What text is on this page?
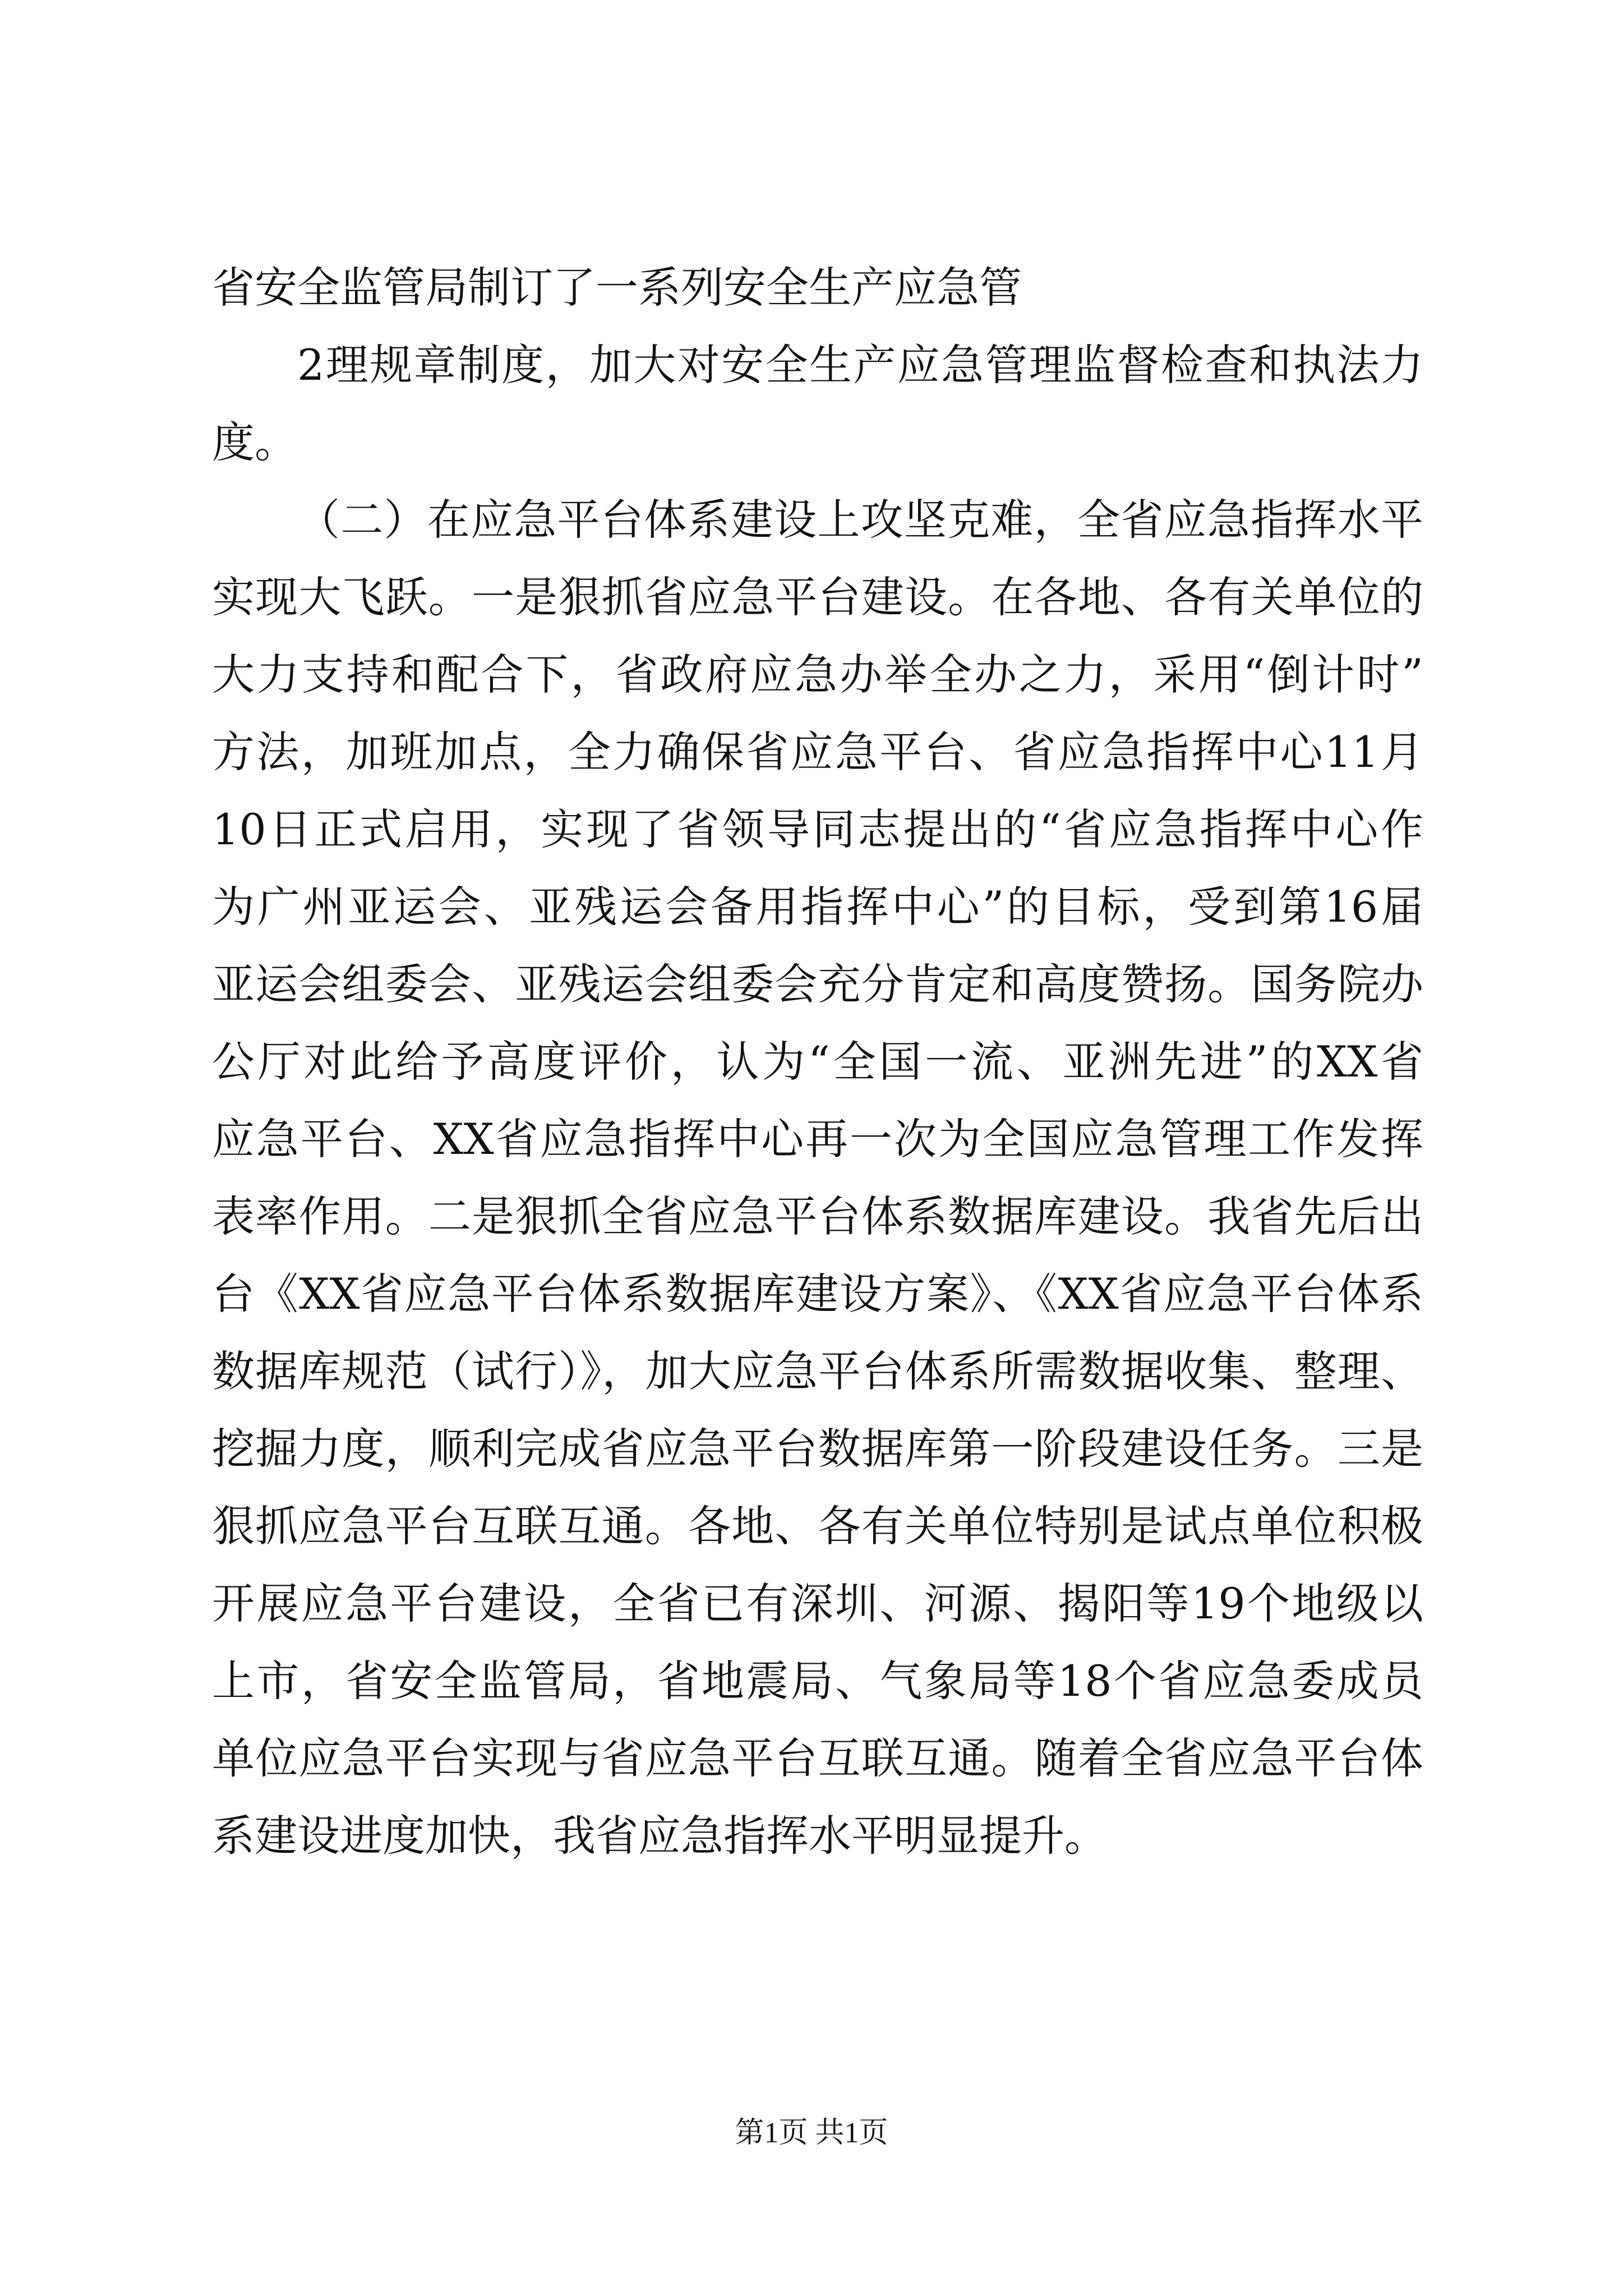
省安全监管局制订了一系列安全生产应急管
2理规章制度，加大对安全生产应急管理监督检查和执法力
度。
（二）在应急平台体系建设上攻坚克难，全省应急指挥水平
实现大飞跃。一是狠抓省应急平台建设。在各地、各有关单位的
大力支持和配合下，省政府应急办举全办之力，采用“倒计时”
方法，加班加点，全力确保省应急平台、省应急指挥中心11月
10日正式启用，实现了省领导同志提出的“省应急指挥中心作
为广州亚运会、亚残运会备用指挥中心”的目标，受到第16届
亚运会组委会、亚残运会组委会充分肯定和高度赞扬。国务院办
公厅对此给予高度评价，认为“全国一流、亚洲先进”的XX省
应急平台、XX省应急指挥中心再一次为全国应急管理工作发挥
表率作用。二是狠抓全省应急平台体系数据库建设。我省先后出
台《XX省应急平台体系数据库建设方案》、《XX省应急平台体系
数据库规范（试行）》，加大应急平台体系所需数据收集、整理、
挖掘力度，顺利完成省应急平台数据库第一阶段建设任务。三是
狠抓应急平台互联互通。各地、各有关单位特别是试点单位积极
开展应急平台建设，全省已有深圳、河源、揭阳等19个地级以
上市，省安全监管局，省地震局、气象局等18个省应急委成员
单位应急平台实现与省应急平台互联互通。随着全省应急平台体
系建设进度加快，我省应急指挥水平明显提升。
第1页 共1页
